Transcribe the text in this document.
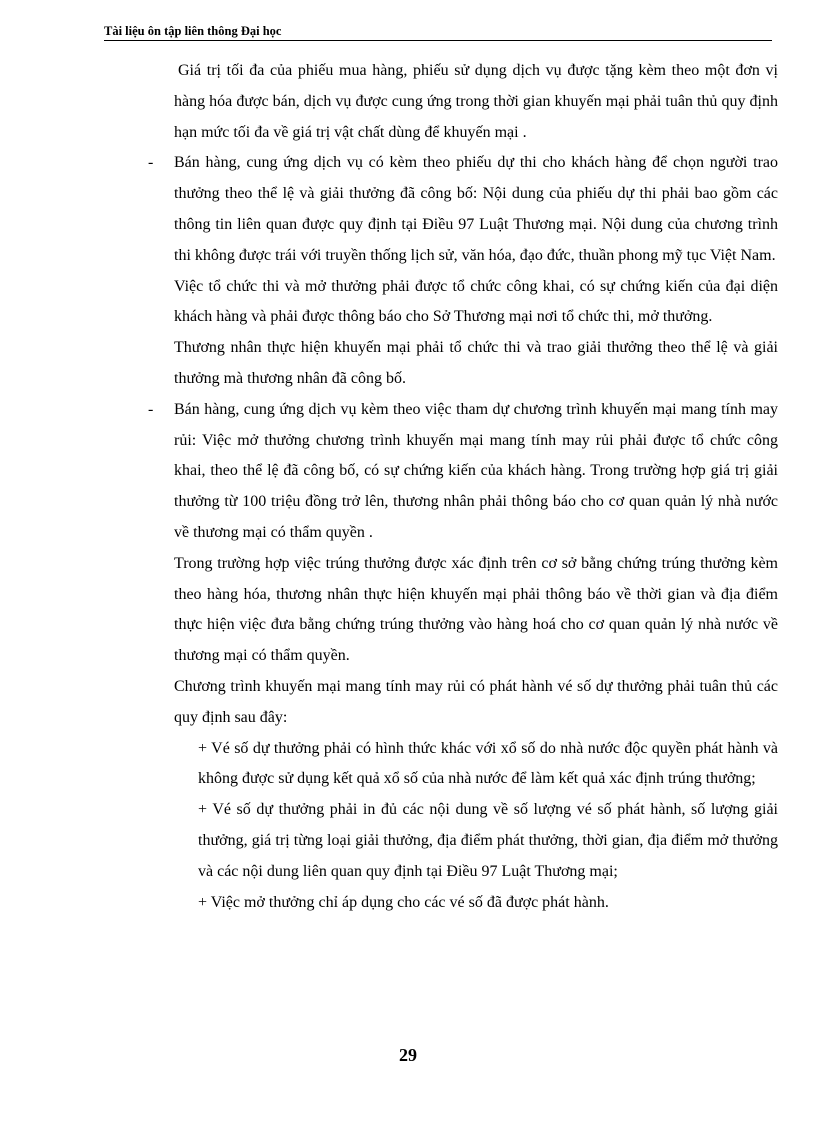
Tài liệu ôn tập liên thông Đại học

Giá trị tối đa của phiếu mua hàng, phiếu sử dụng dịch vụ được tặng kèm theo một đơn vị hàng hóa được bán, dịch vụ được cung ứng trong thời gian khuyến mại phải tuân thủ quy định hạn mức tối đa về giá trị vật chất dùng để khuyến mại .

- Bán hàng, cung ứng dịch vụ có kèm theo phiếu dự thi cho khách hàng để chọn người trao thưởng theo thể lệ và giải thưởng đã công bố: Nội dung của phiếu dự thi phải bao gồm các thông tin liên quan được quy định tại Điều 97 Luật Thương mại. Nội dung của chương trình thi không được trái với truyền thống lịch sử, văn hóa, đạo đức, thuần phong mỹ tục Việt Nam.

Việc tổ chức thi và mở thưởng phải được tổ chức công khai, có sự chứng kiến của đại diện khách hàng và phải được thông báo cho Sở Thương mại nơi tổ chức thi, mở thưởng.

Thương nhân thực hiện khuyến mại phải tổ chức thi và trao giải thưởng theo thể lệ và giải thưởng mà thương nhân đã công bố.

- Bán hàng, cung ứng dịch vụ kèm theo việc tham dự chương trình khuyến mại mang tính may rủi: Việc mở thưởng chương trình khuyến mại mang tính may rủi phải được tổ chức công khai, theo thể lệ đã công bố, có sự chứng kiến của khách hàng. Trong trường hợp giá trị giải thưởng từ 100 triệu đồng trở lên, thương nhân phải thông báo cho cơ quan quản lý nhà nước về thương mại có thẩm quyền .

Trong trường hợp việc trúng thưởng được xác định trên cơ sở bằng chứng trúng thưởng kèm theo hàng hóa, thương nhân thực hiện khuyến mại phải thông báo về thời gian và địa điểm thực hiện việc đưa bằng chứng trúng thưởng vào hàng hoá cho cơ quan quản lý nhà nước về thương mại có thẩm quyền.

Chương trình khuyến mại mang tính may rủi có phát hành vé số dự thưởng phải tuân thủ các quy định sau đây:

+ Vé số dự thưởng phải có hình thức khác với xổ số do nhà nước độc quyền phát hành và không được sử dụng kết quả xổ số của nhà nước để làm kết quả xác định trúng thưởng;

+ Vé số dự thưởng phải in đủ các nội dung về số lượng vé số phát hành, số lượng giải thưởng, giá trị từng loại giải thưởng, địa điểm phát thưởng, thời gian, địa điểm mở thưởng và các nội dung liên quan quy định tại Điều 97 Luật Thương mại;

+ Việc mở thưởng chỉ áp dụng cho các vé số đã được phát hành.

29
